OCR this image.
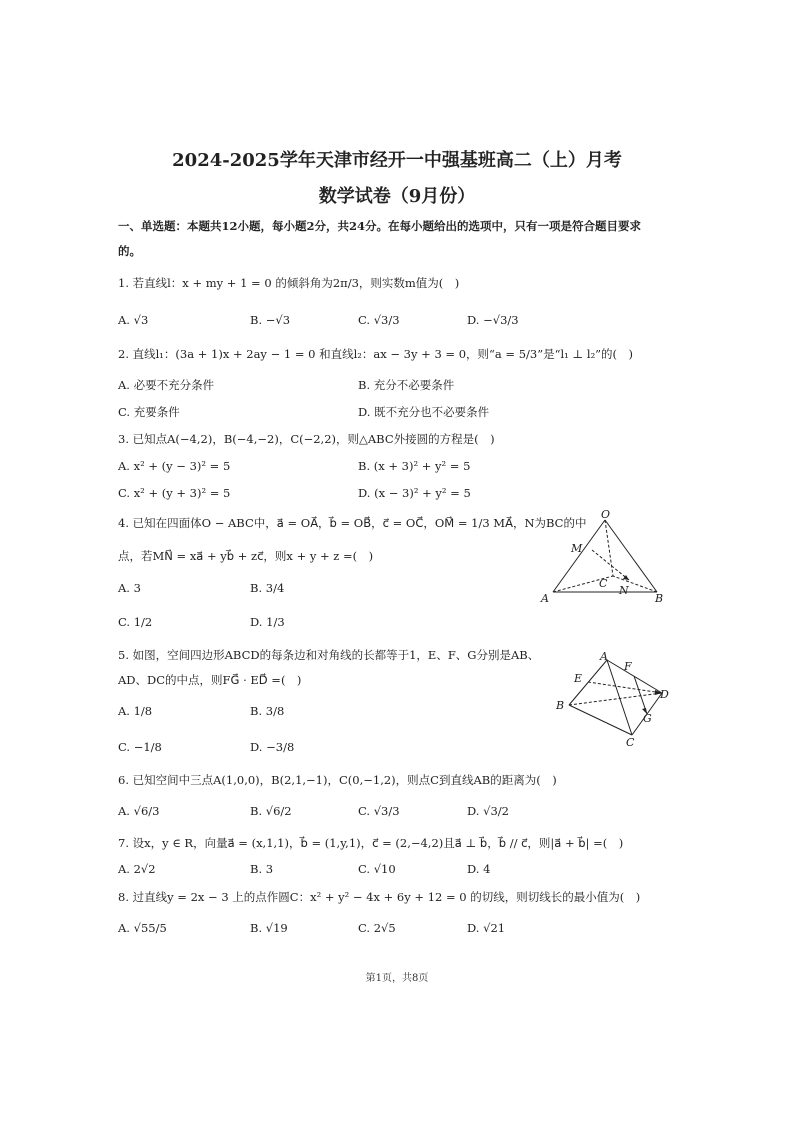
2024-2025学年天津市经开一中强基班高二（上）月考
数学试卷（9月份）
一、单选题：本题共12小题，每小题2分，共24分。在每小题给出的选项中，只有一项是符合题目要求
的。
1. 若直线l：x + my + 1 = 0 的倾斜角为2π/3，则实数m值为(　)
A. √3	B. −√3	C. √3/3	D. −√3/3
2. 直线l₁：(3a + 1)x + 2ay − 1 = 0 和直线l₂：ax − 3y + 3 = 0，则“a = 5/3”是“l₁ ⊥ l₂”的(　)
A. 必要不充分条件	B. 充分不必要条件
C. 充要条件	D. 既不充分也不必要条件
3. 已知点A(−4,2)，B(−4,−2)，C(−2,2)，则△ABC外接圆的方程是(　)
A. x² + (y − 3)² = 5	B. (x + 3)² + y² = 5
C. x² + (y + 3)² = 5	D. (x − 3)² + y² = 5
4. 已知在四面体O − ABC中，a⃗ = OA⃗，b⃗ = OB⃗，c⃗ = OC⃗，OM⃗ = 1/3 MA⃗，N为BC的中
点，若MN⃗ = xa⃗ + yb⃗ + zc⃗，则x + y + z =(　)
A. 3	B. 3/4
C. 1/2	D. 1/3
O
M
C
N
A	B
5. 如图，空间四边形ABCD的每条边和对角线的长都等于1，E、F、G分别是AB、
AD、DC的中点，则FG⃗ · ED⃗ =(　)
A. 1/8	B. 3/8
C. −1/8	D. −3/8
A
F
E
D
B
G
C
6. 已知空间中三点A(1,0,0)，B(2,1,−1)，C(0,−1,2)，则点C到直线AB的距离为(　)
A. √6/3	B. √6/2	C. √3/3	D. √3/2
7. 设x，y ∈ R，向量a⃗ = (x,1,1)，b⃗ = (1,y,1)，c⃗ = (2,−4,2)且a⃗ ⊥ b⃗，b⃗ // c⃗，则|a⃗ + b⃗| =(　)
A. 2√2	B. 3	C. √10	D. 4
8. 过直线y = 2x − 3 上的点作圆C：x² + y² − 4x + 6y + 12 = 0 的切线，则切线长的最小值为(　)
A. √55/5	B. √19	C. 2√5	D. √21
第1页，共8页
